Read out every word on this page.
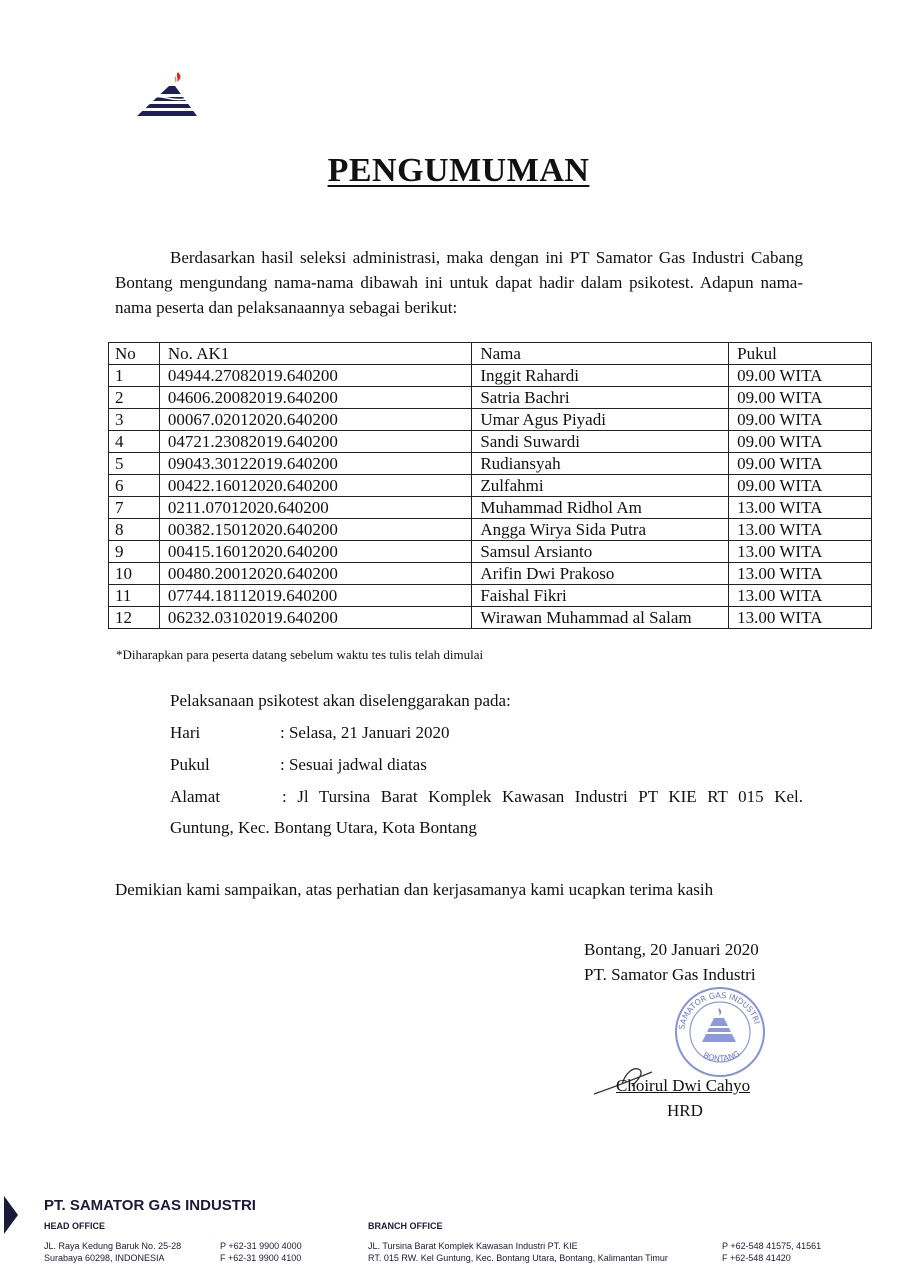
PENGUMUMAN
Berdasarkan hasil seleksi administrasi, maka dengan ini PT Samator Gas Industri Cabang Bontang mengundang nama-nama dibawah ini untuk dapat hadir dalam psikotest. Adapun nama-nama peserta dan pelaksanaannya sebagai berikut:
No	No. AK1	Nama	Pukul
1	04944.27082019.640200	Inggit Rahardi	09.00 WITA
2	04606.20082019.640200	Satria Bachri	09.00 WITA
3	00067.02012020.640200	Umar Agus Piyadi	09.00 WITA
4	04721.23082019.640200	Sandi Suwardi	09.00 WITA
5	09043.30122019.640200	Rudiansyah	09.00 WITA
6	00422.16012020.640200	Zulfahmi	09.00 WITA
7	0211.07012020.640200	Muhammad Ridhol Am	13.00 WITA
8	00382.15012020.640200	Angga Wirya Sida Putra	13.00 WITA
9	00415.16012020.640200	Samsul Arsianto	13.00 WITA
10	00480.20012020.640200	Arifin Dwi Prakoso	13.00 WITA
11	07744.18112019.640200	Faishal Fikri	13.00 WITA
12	06232.03102019.640200	Wirawan Muhammad al Salam	13.00 WITA
*Diharapkan para peserta datang sebelum waktu tes tulis telah dimulai
Pelaksanaan psikotest akan diselenggarakan pada:
Hari	: Selasa, 21 Januari 2020
Pukul	: Sesuai jadwal diatas
Alamat	: Jl Tursina Barat Komplek Kawasan Industri PT KIE RT 015 Kel.
Guntung, Kec. Bontang Utara, Kota Bontang
Demikian kami sampaikan, atas perhatian dan kerjasamanya kami ucapkan terima kasih
Bontang, 20 Januari 2020
PT. Samator Gas Industri
SAMATOR GAS INDUSTRI
BONTANG
Choirul Dwi Cahyo
HRD
PT. SAMATOR GAS INDUSTRI
HEAD OFFICE
JL. Raya Kedung Baruk No. 25-28
Surabaya 60298, INDONESIA
P +62-31 9900 4000
F +62-31 9900 4100
BRANCH OFFICE
JL. Tursina Barat Komplek Kawasan Industri PT. KIE
RT. 015 RW. Kel Guntung, Kec. Bontang Utara, Bontang, Kalimantan Timur
P +62-548 41575, 41561
F +62-548 41420
